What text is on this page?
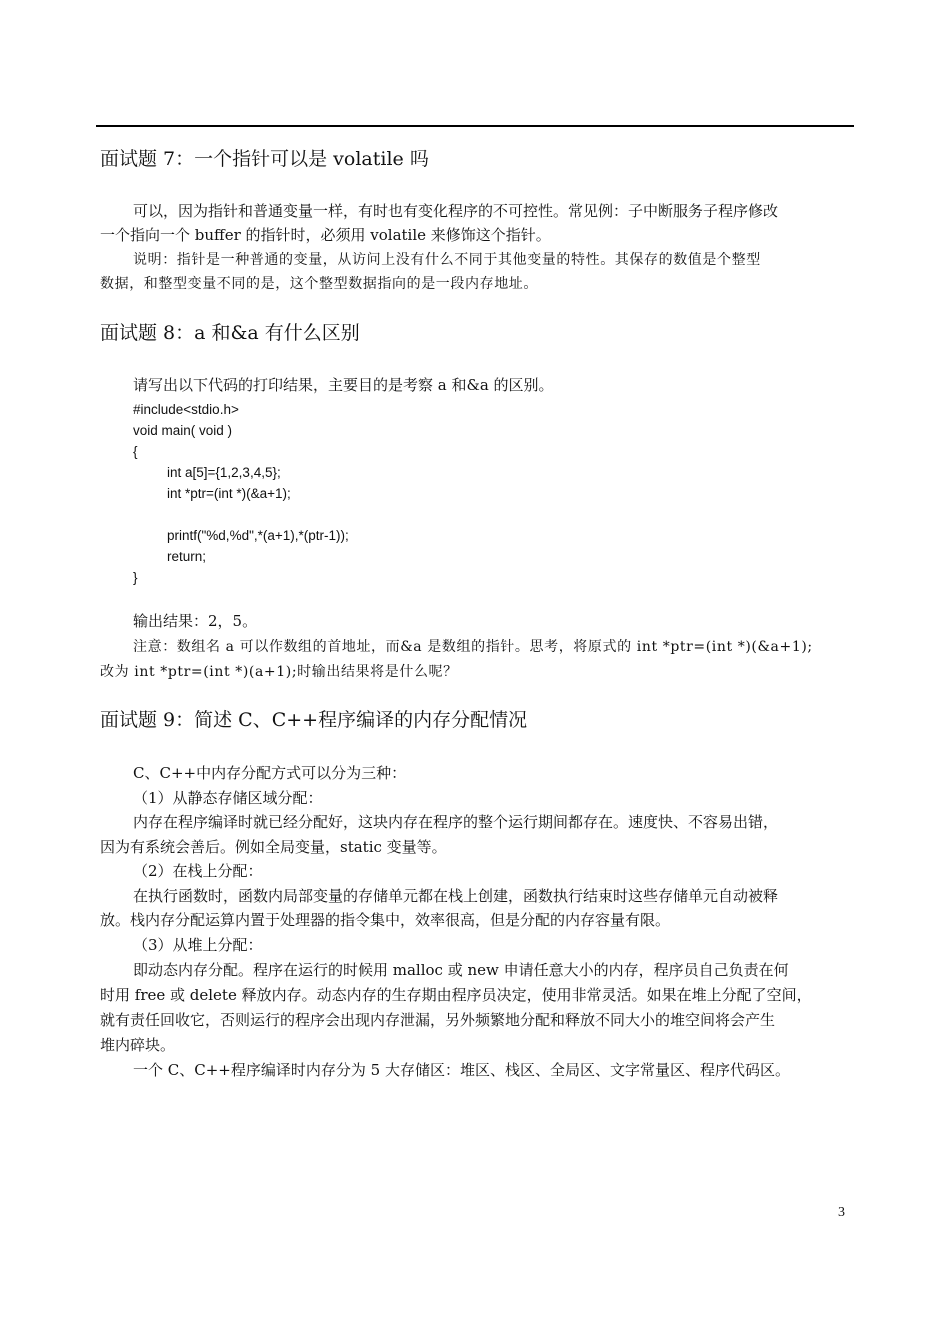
面试题 7：一个指针可以是 volatile 吗
可以，因为指针和普通变量一样，有时也有变化程序的不可控性。常见例：子中断服务子程序修改
一个指向一个 buffer 的指针时，必须用 volatile 来修饰这个指针。
说明：指针是一种普通的变量，从访问上没有什么不同于其他变量的特性。其保存的数值是个整型
数据，和整型变量不同的是，这个整型数据指向的是一段内存地址。
面试题 8：a 和&a 有什么区别
请写出以下代码的打印结果，主要目的是考察 a 和&a 的区别。
#include<stdio.h>
void main( void )
{
int a[5]={1,2,3,4,5};
int *ptr=(int *)(&a+1);
printf("%d,%d",*(a+1),*(ptr-1));
return;
}
输出结果：2，5。
注意：数组名 a 可以作数组的首地址，而&a 是数组的指针。思考，将原式的 int *ptr=(int *)(&a+1);
改为 int *ptr=(int *)(a+1);时输出结果将是什么呢？
面试题 9：简述 C、C++程序编译的内存分配情况
C、C++中内存分配方式可以分为三种：
（1）从静态存储区域分配：
内存在程序编译时就已经分配好，这块内存在程序的整个运行期间都存在。速度快、不容易出错，
因为有系统会善后。例如全局变量，static 变量等。
（2）在栈上分配：
在执行函数时，函数内局部变量的存储单元都在栈上创建，函数执行结束时这些存储单元自动被释
放。栈内存分配运算内置于处理器的指令集中，效率很高，但是分配的内存容量有限。
（3）从堆上分配：
即动态内存分配。程序在运行的时候用 malloc 或 new 申请任意大小的内存，程序员自己负责在何
时用 free 或 delete 释放内存。动态内存的生存期由程序员决定，使用非常灵活。如果在堆上分配了空间，
就有责任回收它，否则运行的程序会出现内存泄漏，另外频繁地分配和释放不同大小的堆空间将会产生
堆内碎块。
一个 C、C++程序编译时内存分为 5 大存储区：堆区、栈区、全局区、文字常量区、程序代码区。
3
